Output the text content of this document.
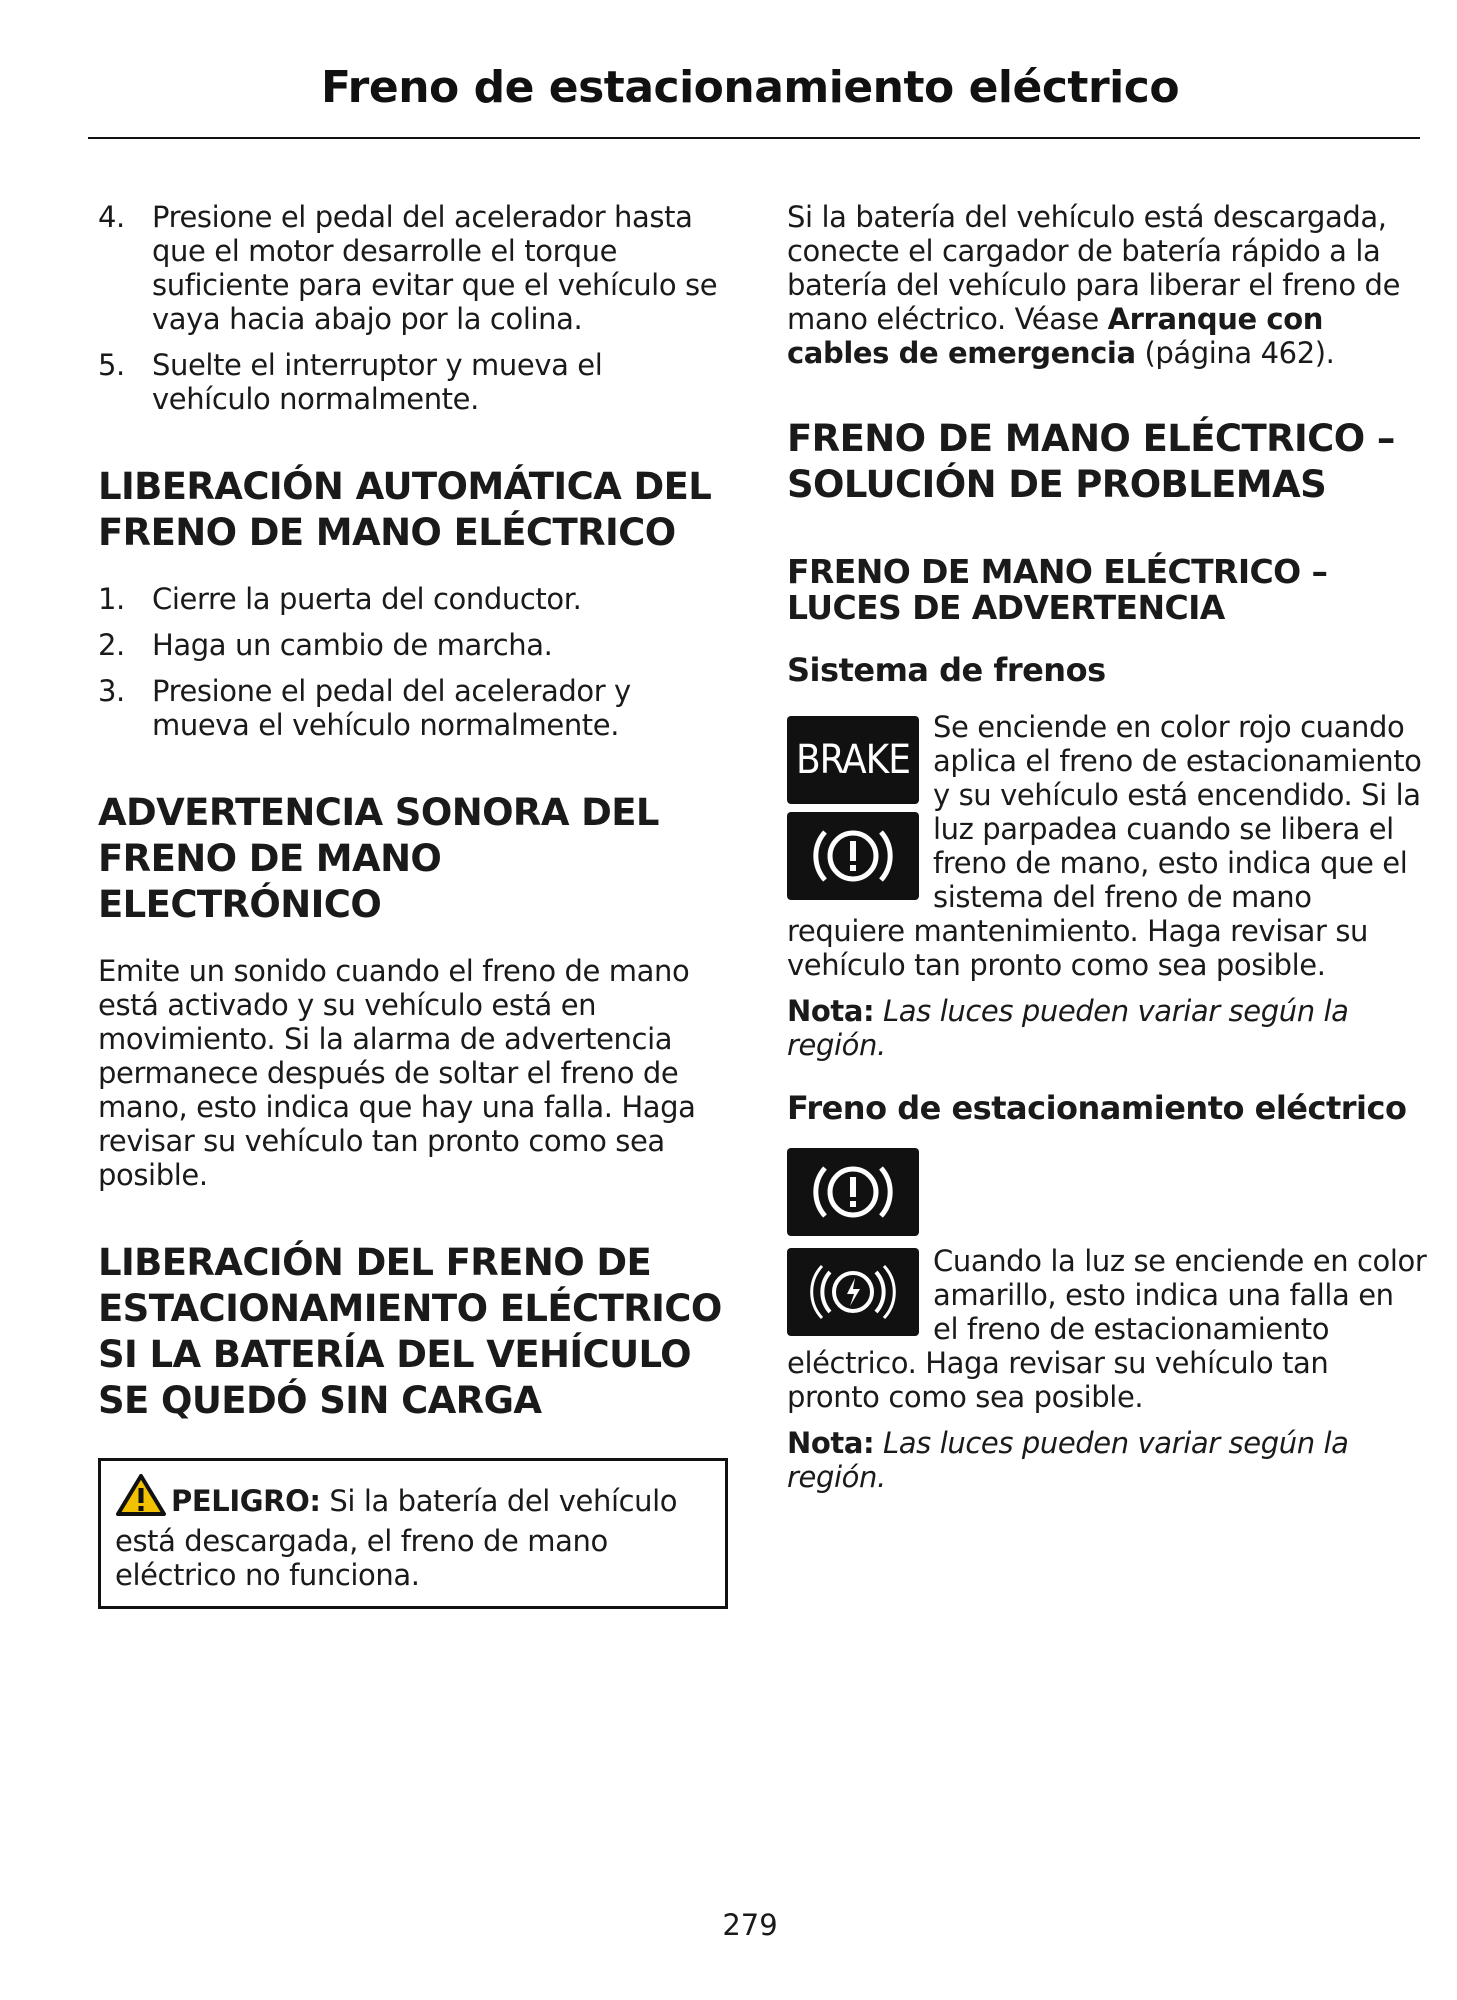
Freno de estacionamiento eléctrico
4. Presione el pedal del acelerador hasta que el motor desarrolle el torque suficiente para evitar que el vehículo se vaya hacia abajo por la colina.
5. Suelte el interruptor y mueva el vehículo normalmente.
LIBERACIÓN AUTOMÁTICA DEL FRENO DE MANO ELÉCTRICO
1. Cierre la puerta del conductor.
2. Haga un cambio de marcha.
3. Presione el pedal del acelerador y mueva el vehículo normalmente.
ADVERTENCIA SONORA DEL FRENO DE MANO ELECTRÓNICO

Emite un sonido cuando el freno de mano está activado y su vehículo está en movimiento. Si la alarma de advertencia permanece después de soltar el freno de mano, esto indica que hay una falla. Haga revisar su vehículo tan pronto como sea posible.

LIBERACIÓN DEL FRENO DE ESTACIONAMIENTO ELÉCTRICO SI LA BATERÍA DEL VEHÍCULO SE QUEDÓ SIN CARGA
PELIGRO: Si la batería del vehículo está descargada, el freno de mano eléctrico no funciona.

Si la batería del vehículo está descargada, conecte el cargador de batería rápido a la batería del vehículo para liberar el freno de mano eléctrico. Véase Arranque con cables de emergencia (página 462).

FRENO DE MANO ELÉCTRICO – SOLUCIÓN DE PROBLEMAS
FRENO DE MANO ELÉCTRICO – LUCES DE ADVERTENCIA
Sistema de frenos
BRAKE

Se enciende en color rojo cuando aplica el freno de estacionamiento y su vehículo está encendido. Si la luz parpadea cuando se libera el freno de mano, esto indica que el sistema del freno de mano requiere mantenimiento. Haga revisar su vehículo tan pronto como sea posible.

Nota: Las luces pueden variar según la región.

Freno de estacionamiento eléctrico

Cuando la luz se enciende en color amarillo, esto indica una falla en el freno de estacionamiento eléctrico. Haga revisar su vehículo tan pronto como sea posible.

Nota: Las luces pueden variar según la región.

279
